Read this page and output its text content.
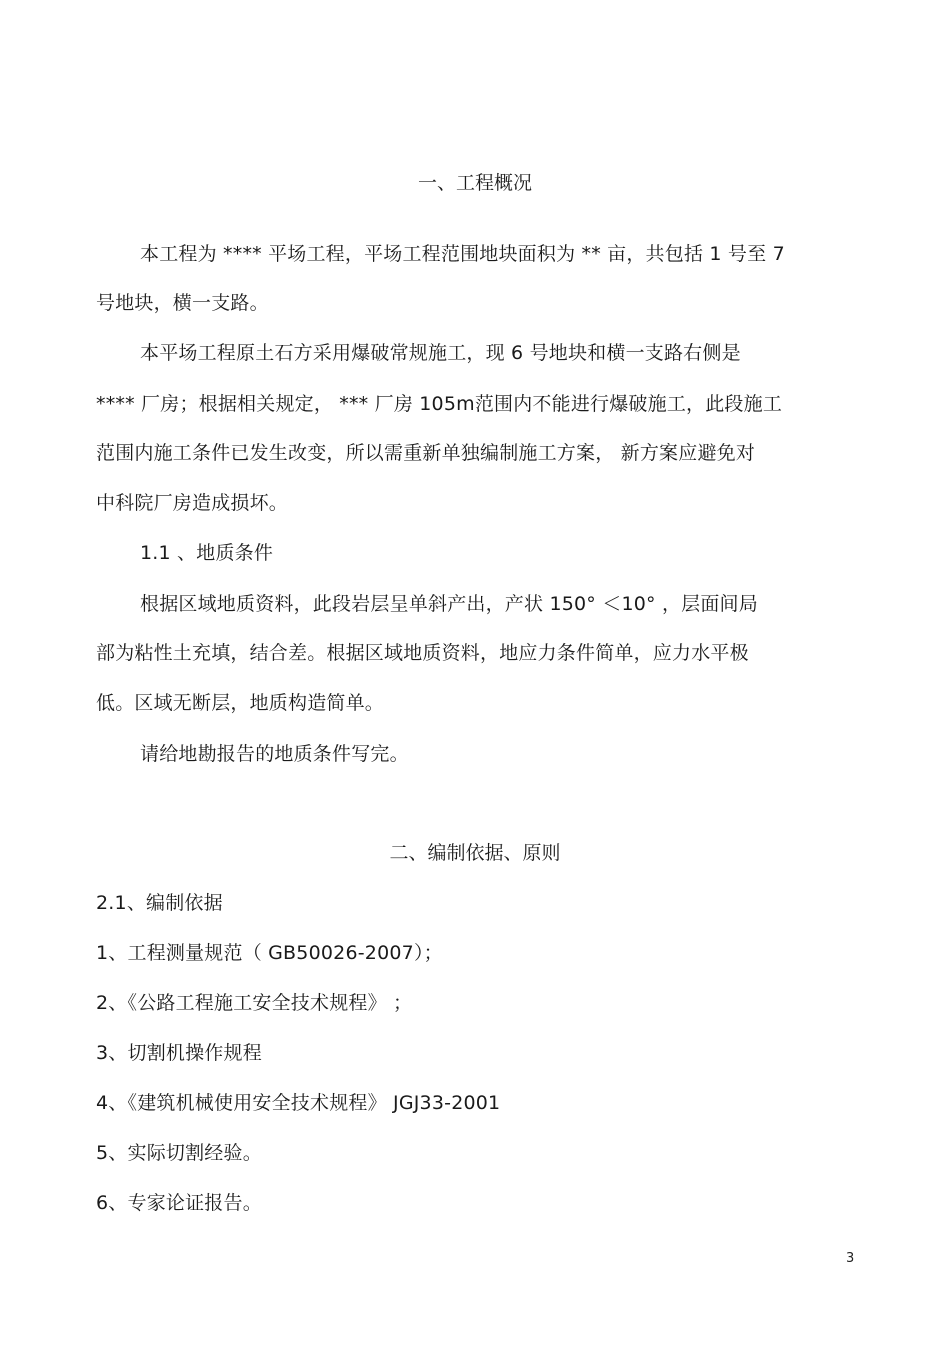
一、工程概况
本工程为 **** 平场工程，平场工程范围地块面积为 ** 亩，共包括 1 号至 7
号地块，横一支路。
本平场工程原土石方采用爆破常规施工，现 6 号地块和横一支路右侧是
**** 厂房；根据相关规定， *** 厂房 105m范围内不能进行爆破施工，此段施工
范围内施工条件已发生改变，所以需重新单独编制施工方案， 新方案应避免对
中科院厂房造成损坏。
1.1 、地质条件
根据区域地质资料，此段岩层呈单斜产出，产状 150° ＜10° ，层面间局
部为粘性土充填，结合差。根据区域地质资料，地应力条件简单，应力水平极
低。区域无断层，地质构造简单。
请给地勘报告的地质条件写完。
二、编制依据、原则
2.1、编制依据
1、工程测量规范（ GB50026-2007）；
2、《公路工程施工安全技术规程》 ；
3、切割机操作规程
4、《建筑机械使用安全技术规程》 JGJ33-2001
5、实际切割经验。
6、专家论证报告。
3
